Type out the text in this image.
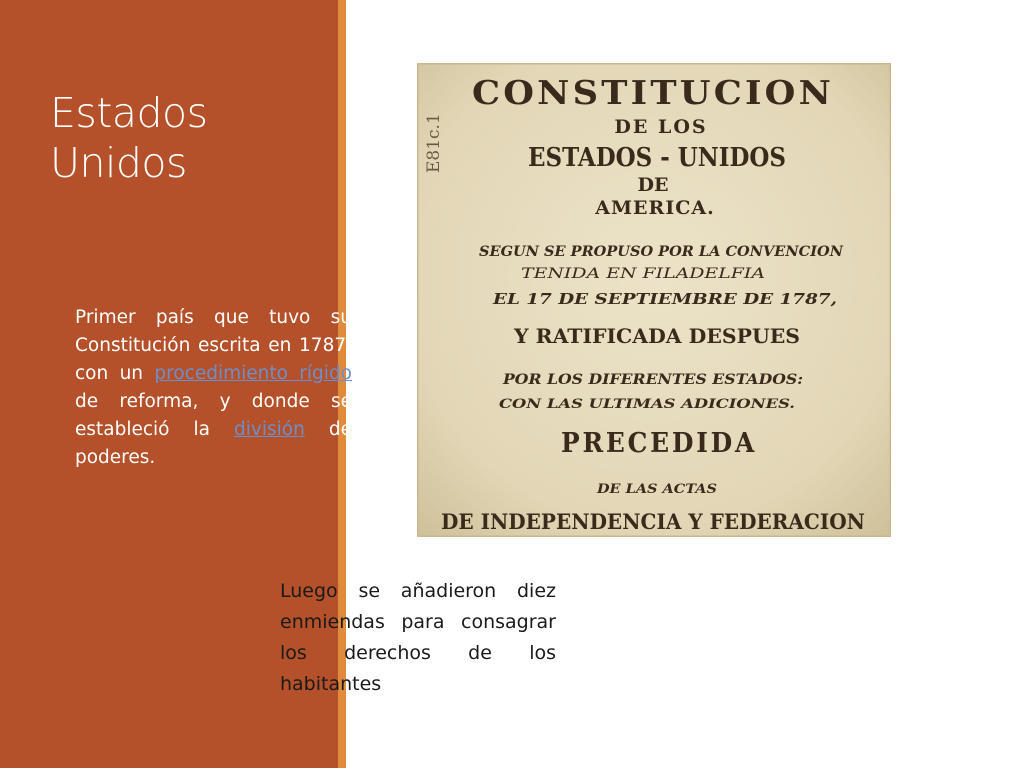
Estados
Unidos

Primer país que tuvo su Constitución escrita en 1787, con un procedimiento rígido de reforma, y donde se estableció la división de poderes.

E81c.1
CONSTITUCION
DE LOS
ESTADOS - UNIDOS
DE
AMERICA.
SEGUN SE PROPUSO POR LA CONVENCION
TENIDA EN FILADELFIA
EL 17 DE SEPTIEMBRE DE 1787,
Y RATIFICADA DESPUES
POR LOS DIFERENTES ESTADOS:
CON LAS ULTIMAS ADICIONES.
PRECEDIDA
DE LAS ACTAS
DE INDEPENDENCIA Y FEDERACION

Luego se añadieron diez enmiendas para consagrar los derechos de los habitantes
